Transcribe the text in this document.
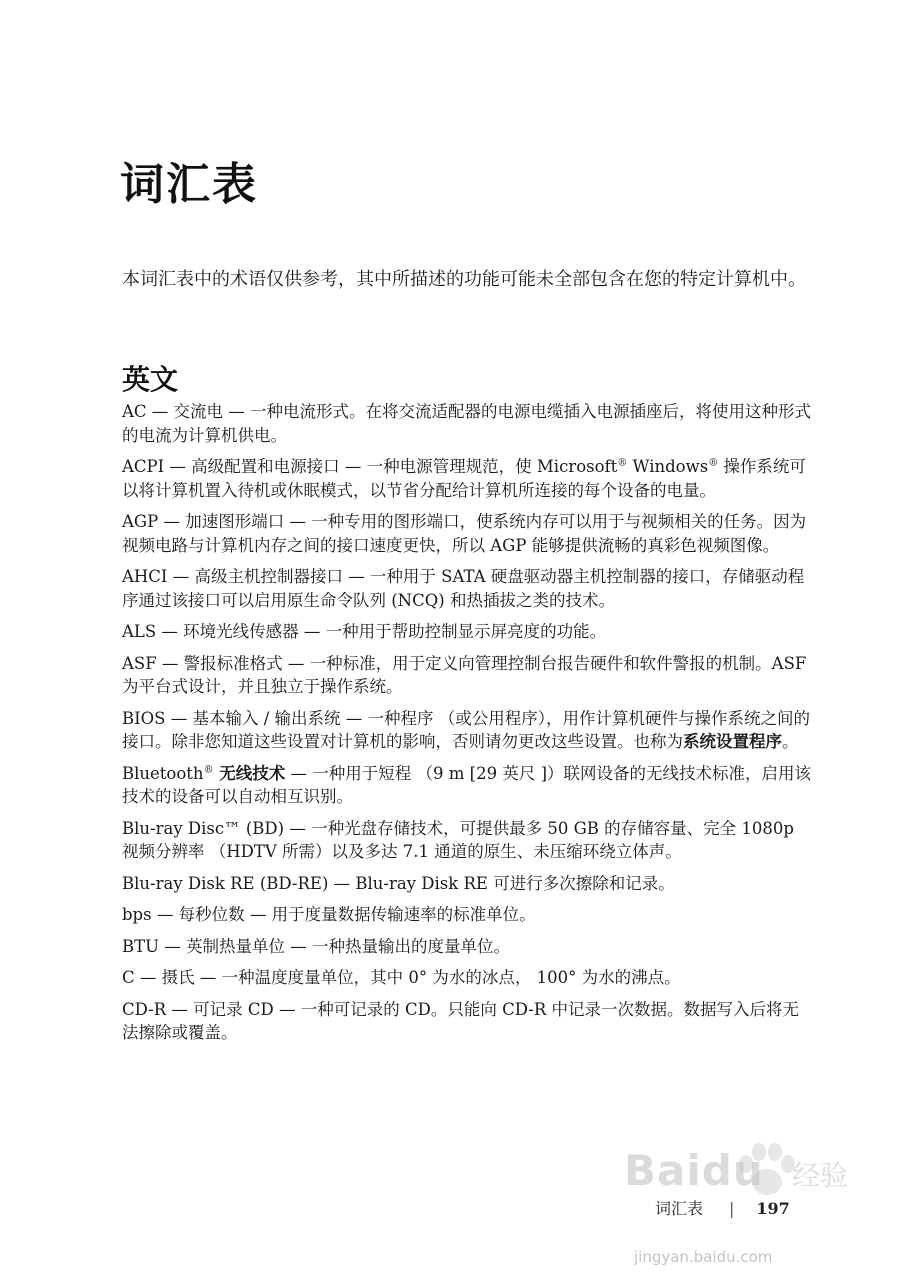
词汇表

本词汇表中的术语仅供参考，其中所描述的功能可能未全部包含在您的特定计算机中。

英文

AC — 交流电 — 一种电流形式。在将交流适配器的电源电缆插入电源插座后，将使用这种形式的电流为计算机供电。

ACPI — 高级配置和电源接口 — 一种电源管理规范，使 Microsoft® Windows® 操作系统可以将计算机置入待机或休眠模式，以节省分配给计算机所连接的每个设备的电量。

AGP — 加速图形端口 — 一种专用的图形端口，使系统内存可以用于与视频相关的任务。因为视频电路与计算机内存之间的接口速度更快，所以 AGP 能够提供流畅的真彩色视频图像。

AHCI — 高级主机控制器接口 — 一种用于 SATA 硬盘驱动器主机控制器的接口，存储驱动程序通过该接口可以启用原生命令队列 (NCQ) 和热插拔之类的技术。

ALS — 环境光线传感器 — 一种用于帮助控制显示屏亮度的功能。

ASF — 警报标准格式 — 一种标准，用于定义向管理控制台报告硬件和软件警报的机制。ASF 为平台式设计，并且独立于操作系统。

BIOS — 基本输入 / 输出系统 — 一种程序 （或公用程序），用作计算机硬件与操作系统之间的接口。除非您知道这些设置对计算机的影响，否则请勿更改这些设置。也称为系统设置程序。

Bluetooth® 无线技术 — 一种用于短程 （9 m [29 英尺 ]）联网设备的无线技术标准，启用该技术的设备可以自动相互识别。

Blu-ray Disc™ (BD) — 一种光盘存储技术，可提供最多 50 GB 的存储容量、完全 1080p 视频分辨率 （HDTV 所需）以及多达 7.1 通道的原生、未压缩环绕立体声。

Blu-ray Disk RE (BD-RE) — Blu-ray Disk RE 可进行多次擦除和记录。

bps — 每秒位数 — 用于度量数据传输速率的标准单位。

BTU — 英制热量单位 — 一种热量输出的度量单位。

C — 摄氏 — 一种温度度量单位，其中 0° 为水的冰点， 100° 为水的沸点。

CD-R — 可记录 CD — 一种可记录的 CD。只能向 CD-R 中记录一次数据。数据写入后将无法擦除或覆盖。

Baidu 经验
jingyan.baidu.com
词汇表 | 197
